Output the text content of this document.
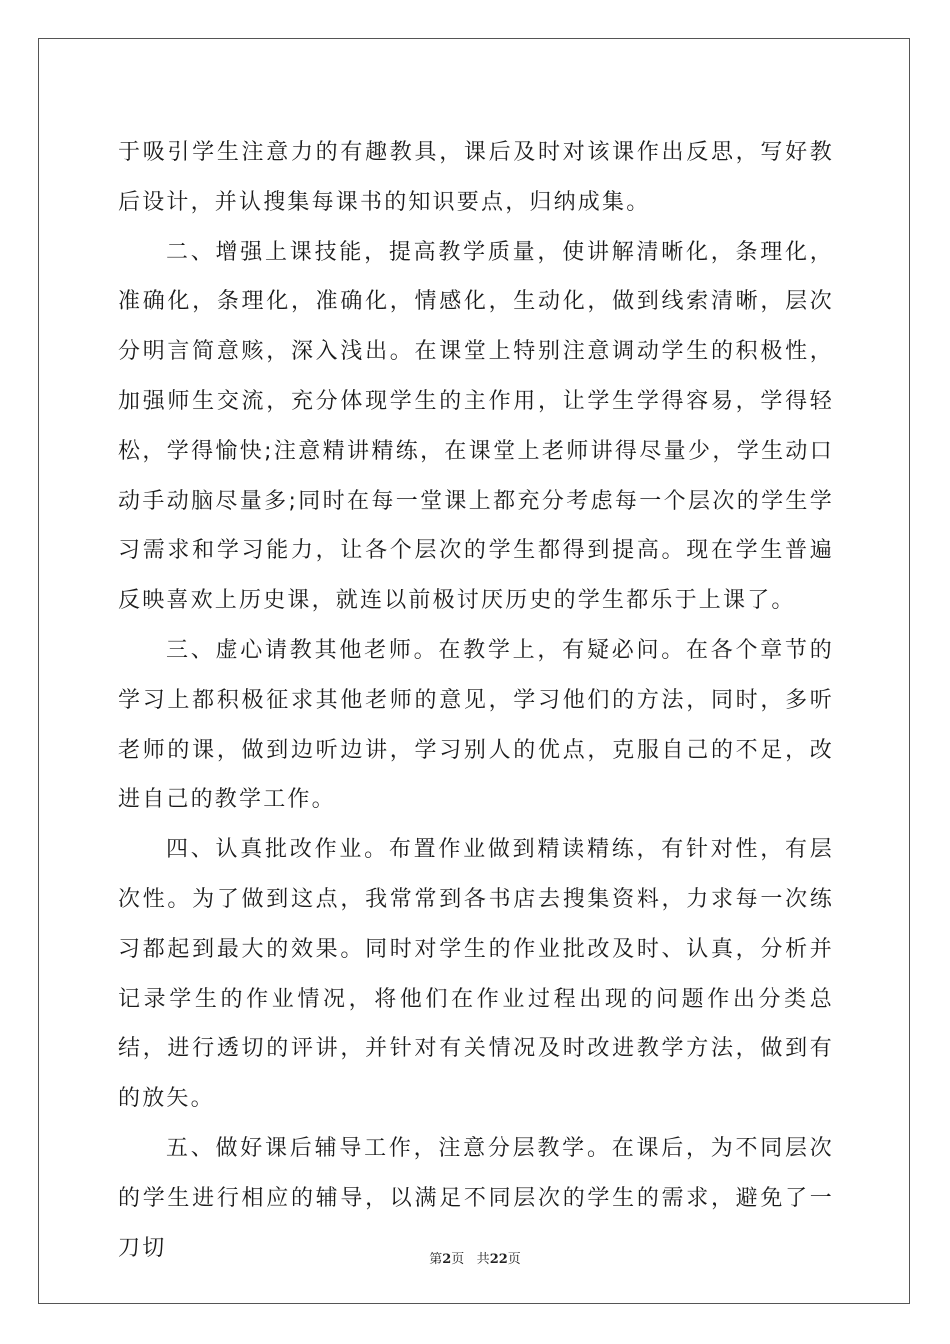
于吸引学生注意力的有趣教具，课后及时对该课作出反思，写好教后设计，并认搜集每课书的知识要点，归纳成集。

二、增强上课技能，提高教学质量，使讲解清晰化，条理化，准确化，条理化，准确化，情感化，生动化，做到线索清晰，层次分明言简意赅，深入浅出。在课堂上特别注意调动学生的积极性，加强师生交流，充分体现学生的主作用，让学生学得容易，学得轻松，学得愉快;注意精讲精练，在课堂上老师讲得尽量少，学生动口动手动脑尽量多;同时在每一堂课上都充分考虑每一个层次的学生学习需求和学习能力，让各个层次的学生都得到提高。现在学生普遍反映喜欢上历史课，就连以前极讨厌历史的学生都乐于上课了。

三、虚心请教其他老师。在教学上，有疑必问。在各个章节的学习上都积极征求其他老师的意见，学习他们的方法，同时，多听老师的课，做到边听边讲，学习别人的优点，克服自己的不足，改进自己的教学工作。

四、认真批改作业。布置作业做到精读精练，有针对性，有层次性。为了做到这点，我常常到各书店去搜集资料，力求每一次练习都起到最大的效果。同时对学生的作业批改及时、认真，分析并记录学生的作业情况，将他们在作业过程出现的问题作出分类总结，进行透切的评讲，并针对有关情况及时改进教学方法，做到有的放矢。

五、做好课后辅导工作，注意分层教学。在课后，为不同层次的学生进行相应的辅导，以满足不同层次的学生的需求，避免了一刀切	第2页 共22页
